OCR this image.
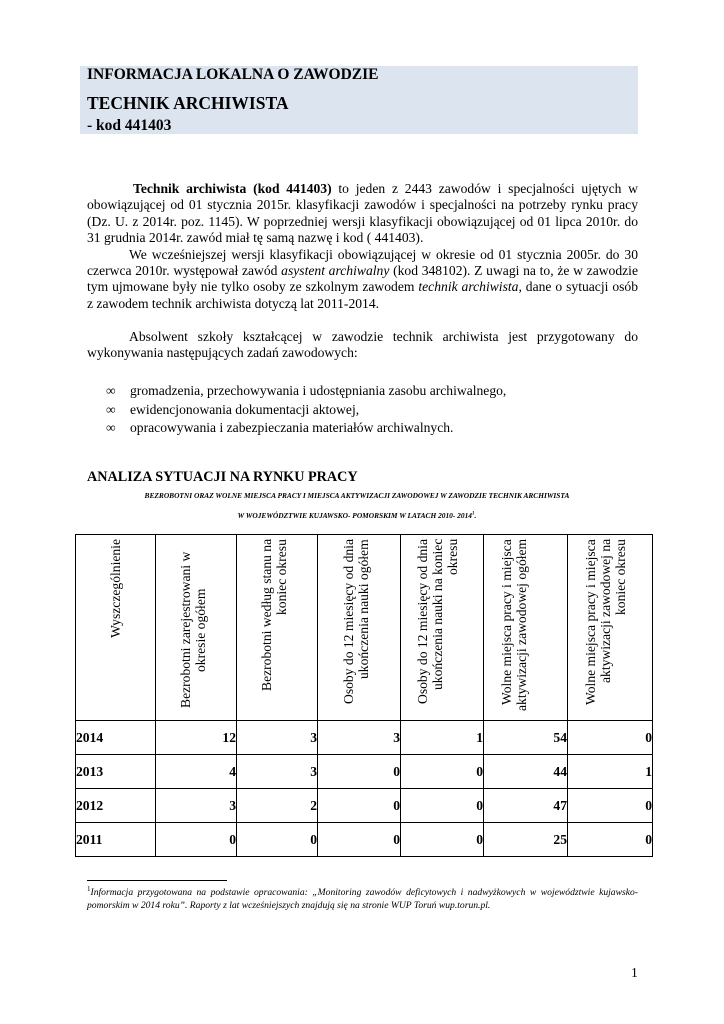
INFORMACJA LOKALNA O ZAWODZIE
TECHNIK ARCHIWISTA
- kod 441403
Technik archiwista (kod 441403) to jeden z 2443 zawodów i specjalności ujętych w obowiązującej od 01 stycznia 2015r. klasyfikacji zawodów i specjalności na potrzeby rynku pracy (Dz. U. z 2014r. poz. 1145). W poprzedniej wersji klasyfikacji obowiązującej od 01 lipca 2010r. do 31 grudnia 2014r. zawód miał tę samą nazwę i kod ( 441403).
We wcześniejszej wersji klasyfikacji obowiązującej w okresie od 01 stycznia 2005r. do 30 czerwca 2010r. występował zawód asystent archiwalny (kod 348102). Z uwagi na to, że w zawodzie tym ujmowane były nie tylko osoby ze szkolnym zawodem technik archiwista, dane o sytuacji osób z zawodem technik archiwista dotyczą lat 2011-2014.
Absolwent szkoły kształcącej w zawodzie technik archiwista jest przygotowany do wykonywania następujących zadań zawodowych:
∞ gromadzenia, przechowywania i udostępniania zasobu archiwalnego,
∞ ewidencjonowania dokumentacji aktowej,
∞ opracowywania i zabezpieczania materiałów archiwalnych.
ANALIZA SYTUACJI NA RYNKU PRACY
BEZROBOTNI ORAZ WOLNE MIEJSCA PRACY I MIEJSCA AKTYWIZACJI ZAWODOWEJ W ZAWODZIE TECHNIK ARCHIWISTA
W WOJEWÓDZTWIE KUJAWSKO- POMORSKIM W LATACH 2010- 2014$^1$.
Wyszczególnienie	Bezrobotni zarejestrowani w okresie ogółem	Bezrobotni według stanu na koniec okresu	Osoby do 12 miesięcy od dnia ukończenia nauki ogółem	Osoby do 12 miesięcy od dnia ukończenia nauki na koniec okresu	Wolne miejsca pracy i miejsca aktywizacji zawodowej ogółem	Wolne miejsca pracy i miejsca aktywizacji zawodowej na koniec okresu

2014	12	3	3	1	54	0
2013	4	3	0	0	44	1
2012	3	2	0	0	47	0
2011	0	0	0	0	25	0
$^1$Informacja przygotowana na podstawie opracowania: „Monitoring zawodów deficytowych i nadwyżkowych w województwie kujawsko-pomorskim w 2014 roku”. Raporty z lat wcześniejszych znajdują się na stronie WUP Toruń wup.torun.pl.
1
